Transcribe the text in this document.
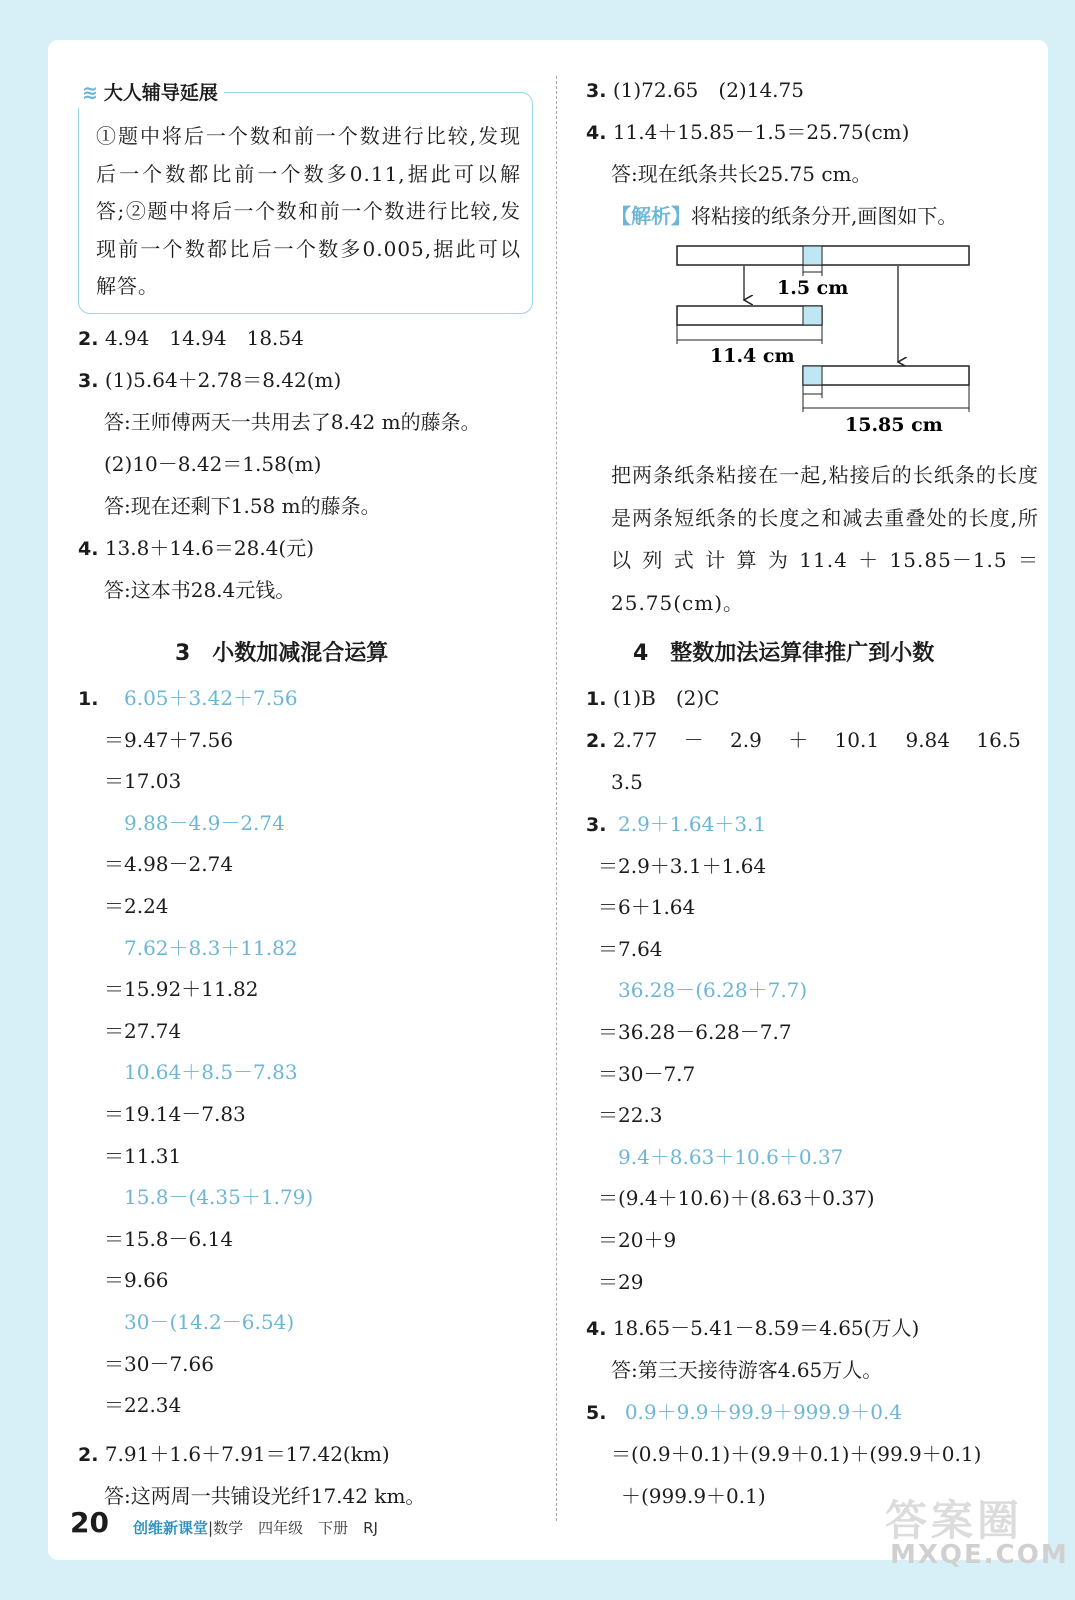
≋ 大人辅导延展
①题中将后一个数和前一个数进行比较,发现后一个数都比前一个数多0.11,据此可以解答;②题中将后一个数和前一个数进行比较,发现前一个数都比后一个数多0.005,据此可以解答。
2. 4.94　14.94　18.54
3. (1)5.64＋2.78＝8.42(m)
答:王师傅两天一共用去了8.42 m的藤条。
(2)10－8.42＝1.58(m)
答:现在还剩下1.58 m的藤条。
4. 13.8＋14.6＝28.4(元)
答:这本书28.4元钱。
3　小数加减混合运算
1. 6.05＋3.42＋7.56
＝9.47＋7.56
＝17.03
9.88－4.9－2.74
＝4.98－2.74
＝2.24
7.62＋8.3＋11.82
＝15.92＋11.82
＝27.74
10.64＋8.5－7.83
＝19.14－7.83
＝11.31
15.8－(4.35＋1.79)
＝15.8－6.14
＝9.66
30－(14.2－6.54)
＝30－7.66
＝22.34
2. 7.91＋1.6＋7.91＝17.42(km)
答:这两周一共铺设光纤17.42 km。
3. (1)72.65　(2)14.75
4. 11.4＋15.85－1.5＝25.75(cm)
答:现在纸条共长25.75 cm。
【解析】将粘接的纸条分开,画图如下。
1.5 cm
11.4 cm
15.85 cm
把两条纸条粘接在一起,粘接后的长纸条的长度是两条短纸条的长度之和减去重叠处的长度,所以列式计算为11.4＋15.85－1.5＝25.75(cm)。
4　整数加法运算律推广到小数
1. (1)B　(2)C
2. 2.77　 －　 2.9　 ＋　 10.1　 9.84　 16.5
3.5
3. 2.9＋1.64＋3.1
＝2.9＋3.1＋1.64
＝6＋1.64
＝7.64
36.28－(6.28＋7.7)
＝36.28－6.28－7.7
＝30－7.7
＝22.3
9.4＋8.63＋10.6＋0.37
＝(9.4＋10.6)＋(8.63＋0.37)
＝20＋9
＝29
4. 18.65－5.41－8.59＝4.65(万人)
答:第三天接待游客4.65万人。
5. 0.9＋9.9＋99.9＋999.9＋0.4
＝(0.9＋0.1)＋(9.9＋0.1)＋(99.9＋0.1)
＋(999.9＋0.1)
20 创维新课堂|数学　四年级　下册　RJ	答案圈
MXQE.COM
